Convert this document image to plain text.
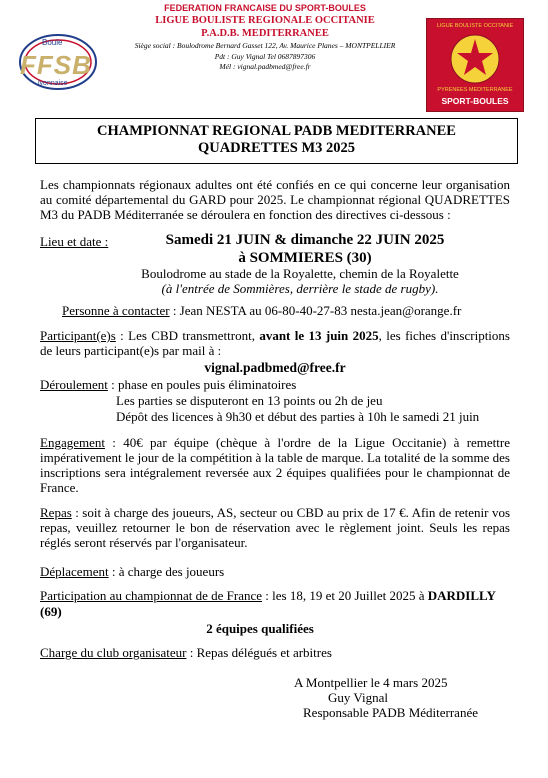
Boule
FFSB
lyonnaise
FEDERATION FRANCAISE DU SPORT-BOULES
LIGUE BOULISTE REGIONALE OCCITANIE
P.A.D.B. MEDITERRANEE
Siège social : Boulodrome Bernard Gasset 122, Av. Maurice Planes – MONTPELLIER
Pdt : Guy Vignal Tel 0687897306
Mél : vignal.padbmed@free.fr
LIGUE BOULISTE OCCITANIE
PYRENEES MEDITERRANEE
SPORT-BOULES
CHAMPIONNAT REGIONAL PADB MEDITERRANEE
QUADRETTES M3 2025
Les championnats régionaux adultes ont été confiés en ce qui concerne leur organisation au comité départemental du GARD pour 2025. Le championnat régional QUADRETTES M3 du PADB Méditerranée se déroulera en fonction des directives ci-dessous :
Lieu et date :	Samedi 21 JUIN & dimanche 22 JUIN 2025
à SOMMIERES (30)
Boulodrome au stade de la Royalette, chemin de la Royalette
(à l'entrée de Sommières, derrière le stade de rugby).
Personne à contacter : Jean NESTA au 06-80-40-27-83 nesta.jean@orange.fr
Participant(e)s : Les CBD transmettront, avant le 13 juin 2025, les fiches d'inscriptions de leurs participant(e)s par mail à :
vignal.padbmed@free.fr
Déroulement : phase en poules puis éliminatoires
Les parties se disputeront en 13 points ou 2h de jeu
Dépôt des licences à 9h30 et début des parties à 10h le samedi 21 juin
Engagement : 40€ par équipe (chèque à l'ordre de la Ligue Occitanie) à remettre impérativement le jour de la compétition à la table de marque. La totalité de la somme des inscriptions sera intégralement reversée aux 2 équipes qualifiées pour le championnat de France.
Repas : soit à charge des joueurs, AS, secteur ou CBD au prix de 17 €. Afin de retenir vos repas, veuillez retourner le bon de réservation avec le règlement joint. Seuls les repas réglés seront réservés par l'organisateur.
Déplacement : à charge des joueurs
Participation au championnat de de France : les 18, 19 et 20 Juillet 2025 à DARDILLY
(69)
2 équipes qualifiées
Charge du club organisateur : Repas délégués et arbitres
A Montpellier le 4 mars 2025
Guy Vignal
Responsable PADB Méditerranée
